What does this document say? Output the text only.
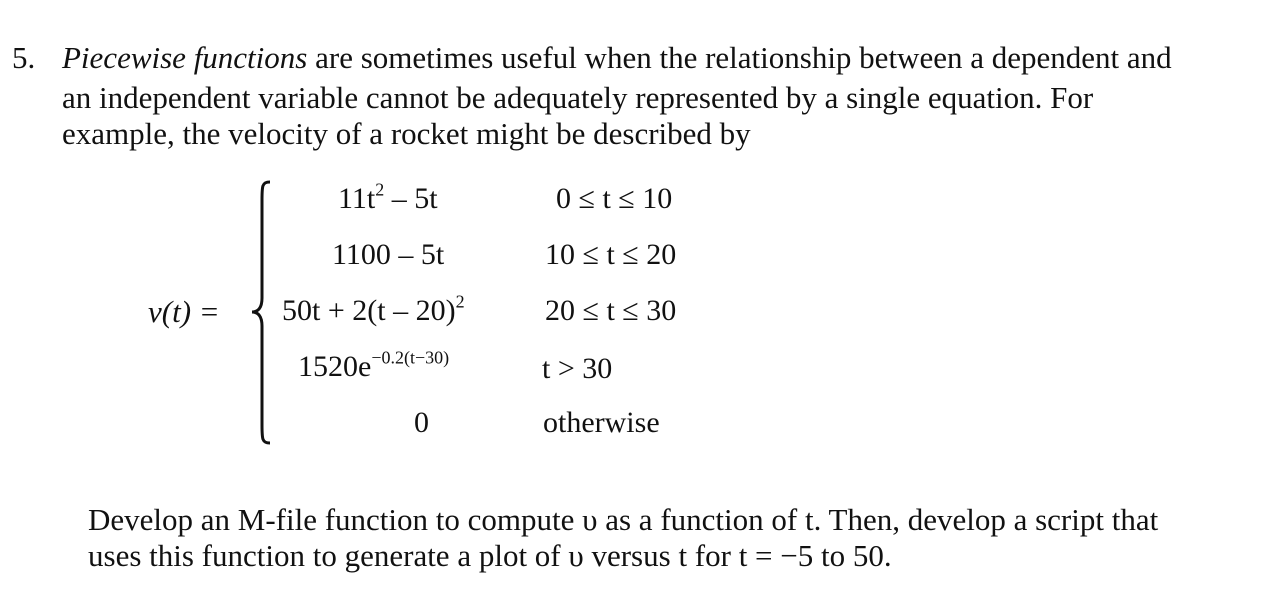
5. Piecewise functions are sometimes useful when the relationship between a dependent and
an independent variable cannot be adequately represented by a single equation. For
example, the velocity of a rocket might be described by
v(t) =
$11t^2 - 5t$	0 ≤ t ≤ 10
1100 – 5t	10 ≤ t ≤ 20
50t + 2(t – 20)$^2$	20 ≤ t ≤ 30
$1520e^{-0.2(t-30)}$	t > 30
0	otherwise
Develop an M-file function to compute υ as a function of t. Then, develop a script that
uses this function to generate a plot of υ versus t for t = −5 to 50.
